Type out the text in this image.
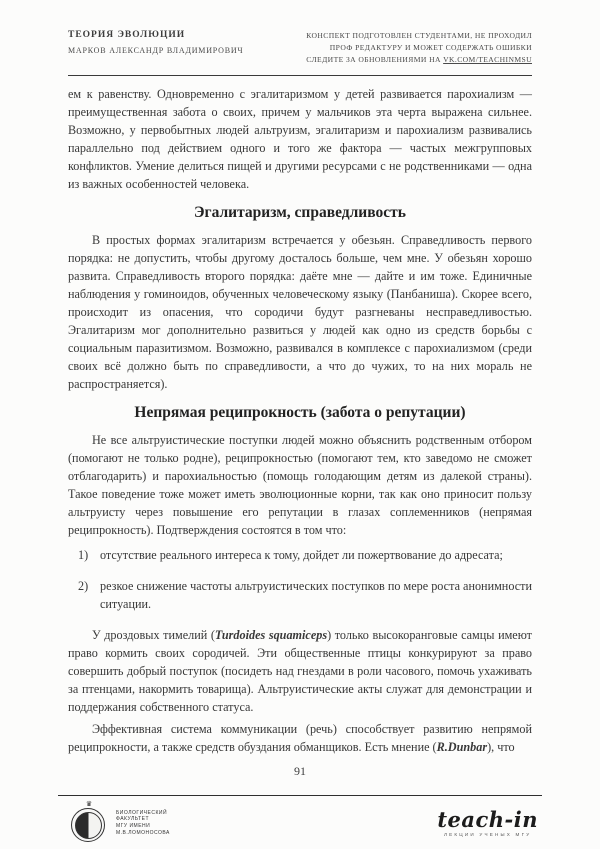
ТЕОРИЯ ЭВОЛЮЦИИ
МАРКОВ АЛЕКСАНДР ВЛАДИМИРОВИЧ
КОНСПЕКТ ПОДГОТОВЛЕН СТУДЕНТАМИ, НЕ ПРОХОДИЛ
ПРОФ РЕДАКТУРУ И МОЖЕТ СОДЕРЖАТЬ ОШИБКИ
СЛЕДИТЕ ЗА ОБНОВЛЕНИЯМИ НА VK.COM/TEACHINMSU

ем к равенству. Одновременно с эгалитаризмом у детей развивается парохиализм — преимущественная забота о своих, причем у мальчиков эта черта выражена сильнее. Возможно, у первобытных людей альтруизм, эгалитаризм и парохиализм развивались параллельно под действием одного и того же фактора — частых межгрупповых конфликтов. Умение делиться пищей и другими ресурсами с не родственниками — одна из важных особенностей человека.

Эгалитаризм, справедливость

В простых формах эгалитаризм встречается у обезьян. Справедливость первого порядка: не допустить, чтобы другому досталось больше, чем мне. У обезьян хорошо развита. Справедливость второго порядка: даёте мне — дайте и им тоже. Единичные наблюдения у гоминоидов, обученных человеческому языку (Панбаниша). Скорее всего, происходит из опасения, что сородичи будут разгневаны несправедливостью. Эгалитаризм мог дополнительно развиться у людей как одно из средств борьбы с социальным паразитизмом. Возможно, развивался в комплексе с парохиализмом (среди своих всё должно быть по справедливости, а что до чужих, то на них мораль не распространяется).

Непрямая реципрокность (забота о репутации)

Не все альтруистические поступки людей можно объяснить родственным отбором (помогают не только родне), реципрокностью (помогают тем, кто заведомо не сможет отблагодарить) и парохиальностью (помощь голодающим детям из далекой страны). Такое поведение тоже может иметь эволюционные корни, так как оно приносит пользу альтруисту через повышение его репутации в глазах соплеменников (непрямая реципрокность). Подтверждения состоятся в том что:

1) отсутствие реального интереса к тому, дойдет ли пожертвование до адресата;
2) резкое снижение частоты альтруистических поступков по мере роста анонимности ситуации.

У дроздовых тимелий (Turdoides squamiceps) только высокоранговые самцы имеют право кормить своих сородичей. Эти общественные птицы конкурируют за право совершить добрый поступок (посидеть над гнездами в роли часового, помочь ухаживать за птенцами, накормить товарища). Альтруистические акты служат для демонстрации и поддержания собственного статуса.

Эффективная система коммуникации (речь) способствует развитию непрямой реципрокности, а также средств обуздания обманщиков. Есть мнение (R.Dunbar), что

91
♛
БИОЛОГИЧЕСКИЙ
ФАКУЛЬТЕТ
МГУ ИМЕНИ
М.В.ЛОМОНОСОВА
teach-in
ЛЕКЦИИ УЧЕНЫХ МГУ
